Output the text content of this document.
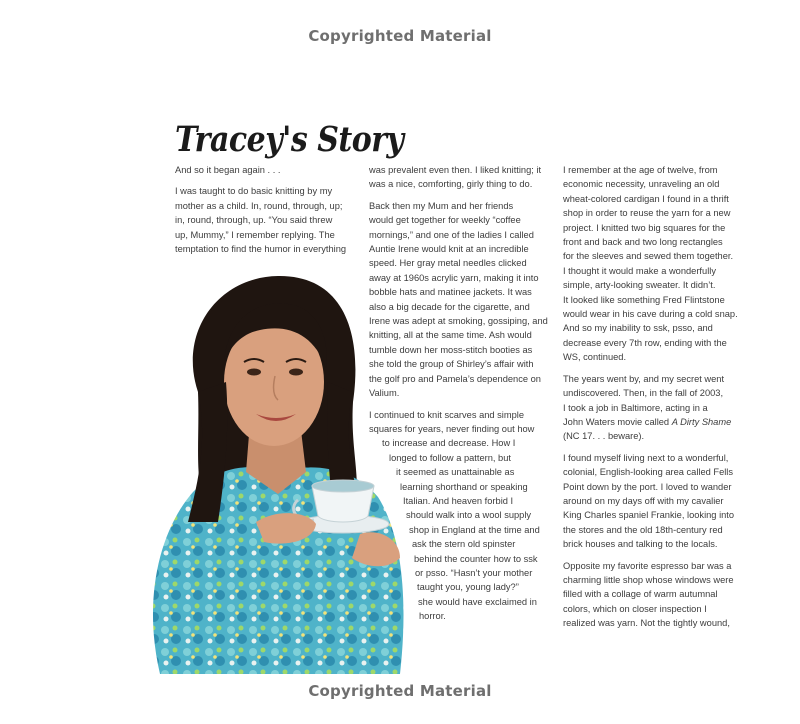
Copyrighted Material
Tracey's Story

And so it began again . . .

I was taught to do basic knitting by my
mother as a child. In, round, through, up;
in, round, through, up. “You said threw
up, Mummy,” I remember replying. The
temptation to find the humor in everything

was prevalent even then. I liked knitting; it
was a nice, comforting, girly thing to do.

Back then my Mum and her friends
would get together for weekly “coffee
mornings,” and one of the ladies I called
Auntie Irene would knit at an incredible
speed. Her gray metal needles clicked
away at 1960s acrylic yarn, making it into
bobble hats and matinee jackets. It was
also a big decade for the cigarette, and
Irene was adept at smoking, gossiping, and
knitting, all at the same time. Ash would
tumble down her moss-stitch booties as
she told the group of Shirley’s affair with
the golf pro and Pamela’s dependence on
Valium.

I continued to knit scarves and simple
squares for years, never finding out how
to increase and decrease. How I
longed to follow a pattern, but
it seemed as unattainable as
learning shorthand or speaking
Italian. And heaven forbid I
should walk into a wool supply
shop in England at the time and
ask the stern old spinster
behind the counter how to ssk
or psso. “Hasn’t your mother
taught you, young lady?”
she would have exclaimed in
horror.

I remember at the age of twelve, from
economic necessity, unraveling an old
wheat-colored cardigan I found in a thrift
shop in order to reuse the yarn for a new
project. I knitted two big squares for the
front and back and two long rectangles
for the sleeves and sewed them together.
I thought it would make a wonderfully
simple, arty-looking sweater. It didn’t.
It looked like something Fred Flintstone
would wear in his cave during a cold snap.
And so my inability to ssk, psso, and
decrease every 7th row, ending with the
WS, continued.

The years went by, and my secret went
undiscovered. Then, in the fall of 2003,
I took a job in Baltimore, acting in a
John Waters movie called A Dirty Shame
(NC 17. . . beware).

I found myself living next to a wonderful,
colonial, English-looking area called Fells
Point down by the port. I loved to wander
around on my days off with my cavalier
King Charles spaniel Frankie, looking into
the stores and the old 18th-century red
brick houses and talking to the locals.

Opposite my favorite espresso bar was a
charming little shop whose windows were
filled with a collage of warm autumnal
colors, which on closer inspection I
realized was yarn. Not the tightly wound,

Copyrighted Material
